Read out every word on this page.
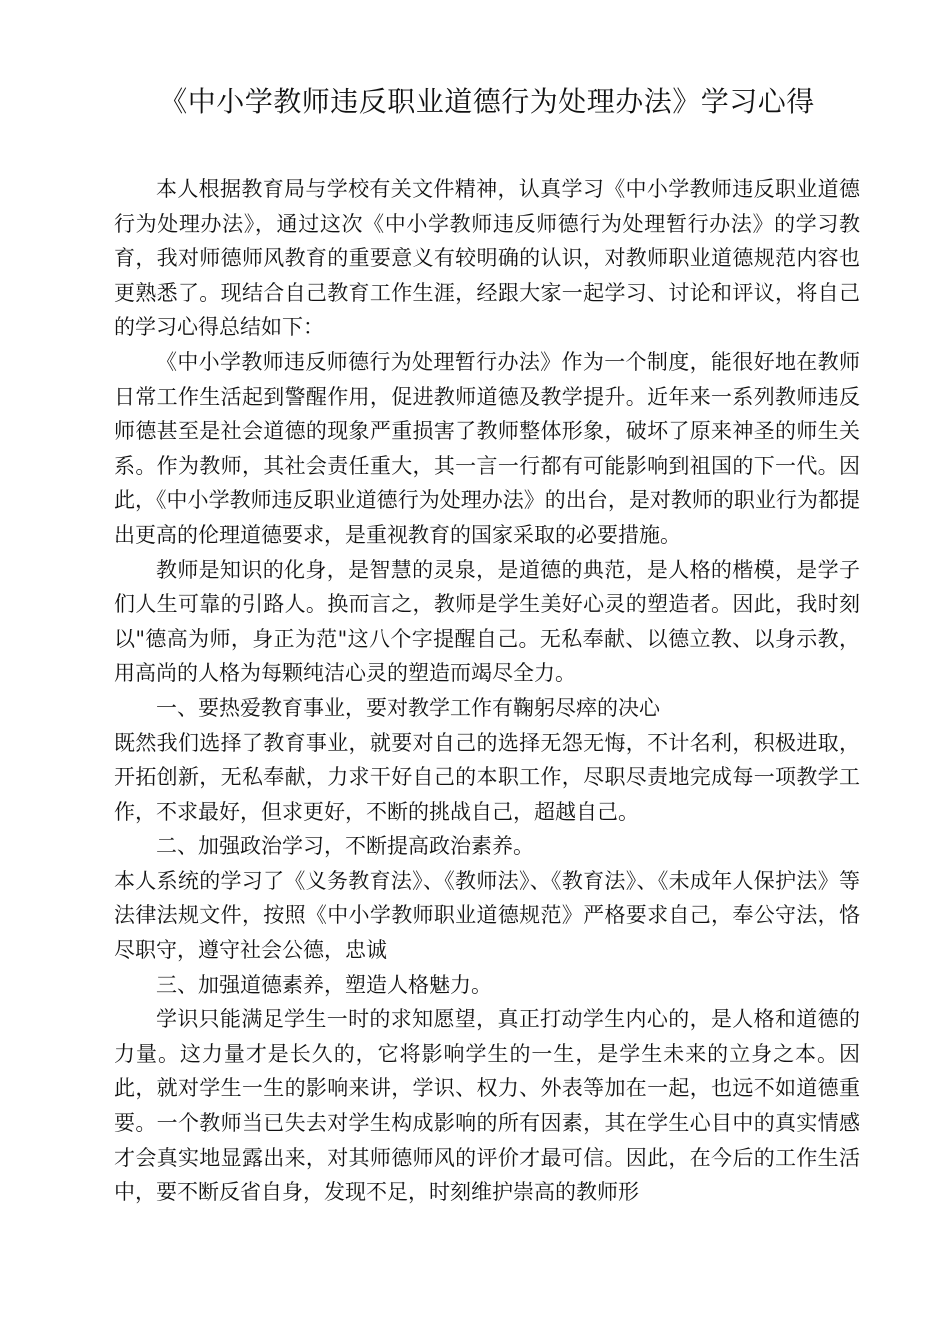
《中小学教师违反职业道德行为处理办法》学习心得

本人根据教育局与学校有关文件精神，认真学习《中小学教师违反职业道德行为处理办法》，通过这次《中小学教师违反师德行为处理暂行办法》的学习教育，我对师德师风教育的重要意义有较明确的认识，对教师职业道德规范内容也更熟悉了。现结合自己教育工作生涯，经跟大家一起学习、讨论和评议，将自己的学习心得总结如下：

《中小学教师违反师德行为处理暂行办法》作为一个制度，能很好地在教师日常工作生活起到警醒作用，促进教师道德及教学提升。近年来一系列教师违反师德甚至是社会道德的现象严重损害了教师整体形象，破坏了原来神圣的师生关系。作为教师，其社会责任重大，其一言一行都有可能影响到祖国的下一代。因此，《中小学教师违反职业道德行为处理办法》的出台，是对教师的职业行为都提出更高的伦理道德要求，是重视教育的国家采取的必要措施。

教师是知识的化身，是智慧的灵泉，是道德的典范，是人格的楷模，是学子们人生可靠的引路人。换而言之，教师是学生美好心灵的塑造者。因此，我时刻以"德高为师，身正为范"这八个字提醒自己。无私奉献、以德立教、以身示教，用高尚的人格为每颗纯洁心灵的塑造而竭尽全力。

一、要热爱教育事业，要对教学工作有鞠躬尽瘁的决心

既然我们选择了教育事业，就要对自己的选择无怨无悔，不计名利，积极进取，开拓创新，无私奉献，力求干好自己的本职工作，尽职尽责地完成每一项教学工作，不求最好，但求更好，不断的挑战自己，超越自己。

二、加强政治学习，不断提高政治素养。

本人系统的学习了《义务教育法》、《教师法》、《教育法》、《未成年人保护法》等法律法规文件，按照《中小学教师职业道德规范》严格要求自己，奉公守法，恪尽职守，遵守社会公德，忠诚

三、加强道德素养，塑造人格魅力。

学识只能满足学生一时的求知愿望，真正打动学生内心的，是人格和道德的力量。这力量才是长久的，它将影响学生的一生，是学生未来的立身之本。因此，就对学生一生的影响来讲，学识、权力、外表等加在一起，也远不如道德重要。一个教师当已失去对学生构成影响的所有因素，其在学生心目中的真实情感才会真实地显露出来，对其师德师风的评价才最可信。因此，在今后的工作生活中，要不断反省自身，发现不足，时刻维护崇高的教师形
